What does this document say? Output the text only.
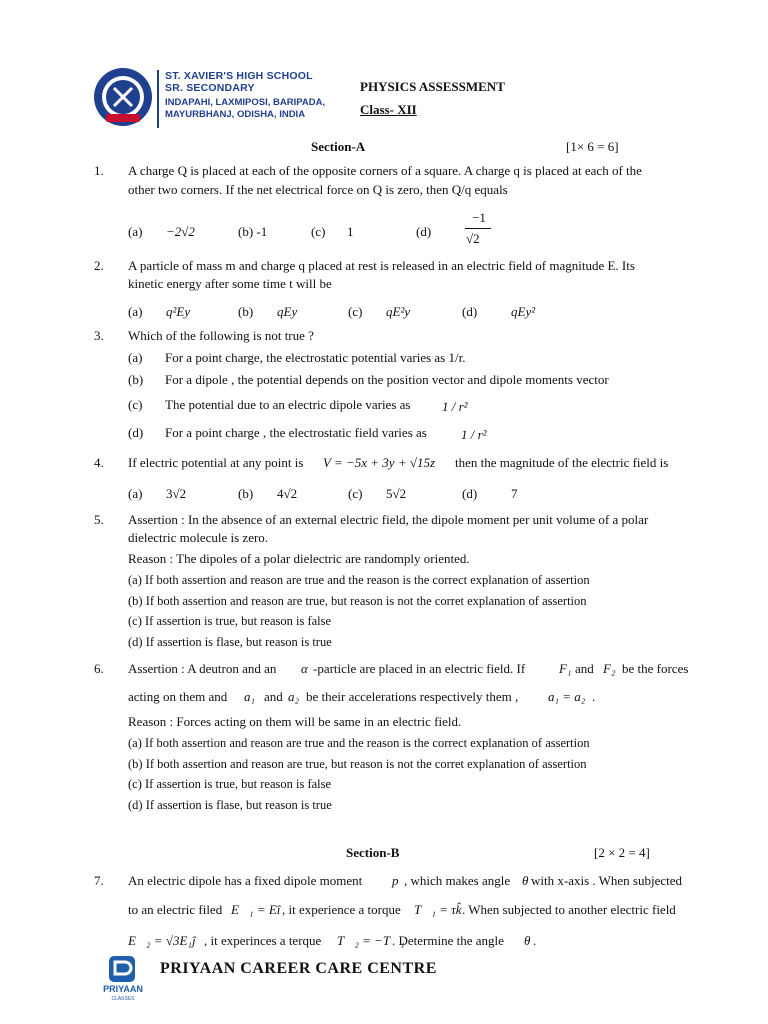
ST. XAVIER'S HIGH SCHOOL
SR. SECONDARY
INDAPAHI, LAXMIPOSI, BARIPADA,
MAYURBHANJ, ODISHA, INDIA
PHYSICS ASSESSMENT
Class- XII
Section-A	[1× 6 = 6]
1. A charge Q is placed at each of the opposite corners of a square. A charge q is placed at each of the
other two corners. If the net electrical force on Q is zero, then Q/q equals
(a) −2√2	(b) -1	(c) 1	(d)
−1
√2
2. A particle of mass m and charge q placed at rest is released in an electric field of magnitude E. Its
kinetic energy after some time t will be
(a) q²Ey	(b) qEy	(c) qE²y	(d)	qEy²
3. Which of the following is not true ?
(a) For a point charge, the electrostatic potential varies as 1/r.
(b) For a dipole , the potential depends on the position vector and dipole moments vector
(c) The potential due to an electric dipole varies as 1 / r²
(d) For a point charge , the electrostatic field varies as	1 / r²
4. If electric potential at any point is V = −5x + 3y + √15z then the magnitude of the electric field is
(a) 3√2	(b) 4√2	(c) 5√2	(d)	7
5. Assertion : In the absence of an external electric field, the dipole moment per unit volume of a polar
dielectric molecule is zero.
Reason : The dipoles of a polar dielectric are randomply oriented.
(a) If both assertion and reason are true and the reason is the correct explanation of assertion
(b) If both assertion and reason are true, but reason is not the corret explanation of assertion
(c) If assertion is true, but reason is false
(d) If assertion is flase, but reason is true
6. Assertion : A deutron and an α -particle are placed in an electric field. If	F₁ and F₂ be the forces
acting on them and a₁ and a₂ be their accelerations respectively them , a₁ = a₂ .
Reason : Forces acting on them will be same in an electric field.
(a) If both assertion and reason are true and the reason is the correct explanation of assertion
(b) If both assertion and reason are true, but reason is not the corret explanation of assertion
(c) If assertion is true, but reason is false
(d) If assertion is flase, but reason is true
Section-B	[2 × 2 = 4]
7. An electric dipole has a fixed dipole moment p⃗
, which makes angle θ with x-axis . When subjected
to an electric filed E⃗₁ = Eî , it experience a torque T⃗₁ = τk̂ . When subjected to another electric field
E⃗₂ = √3E₁ĵ , it experinces a terque T⃗₂ = −T⃗₁
. Determine the angle θ .
PRIYAAN
CLASSES
PRIYAAN CAREER CARE CENTRE
